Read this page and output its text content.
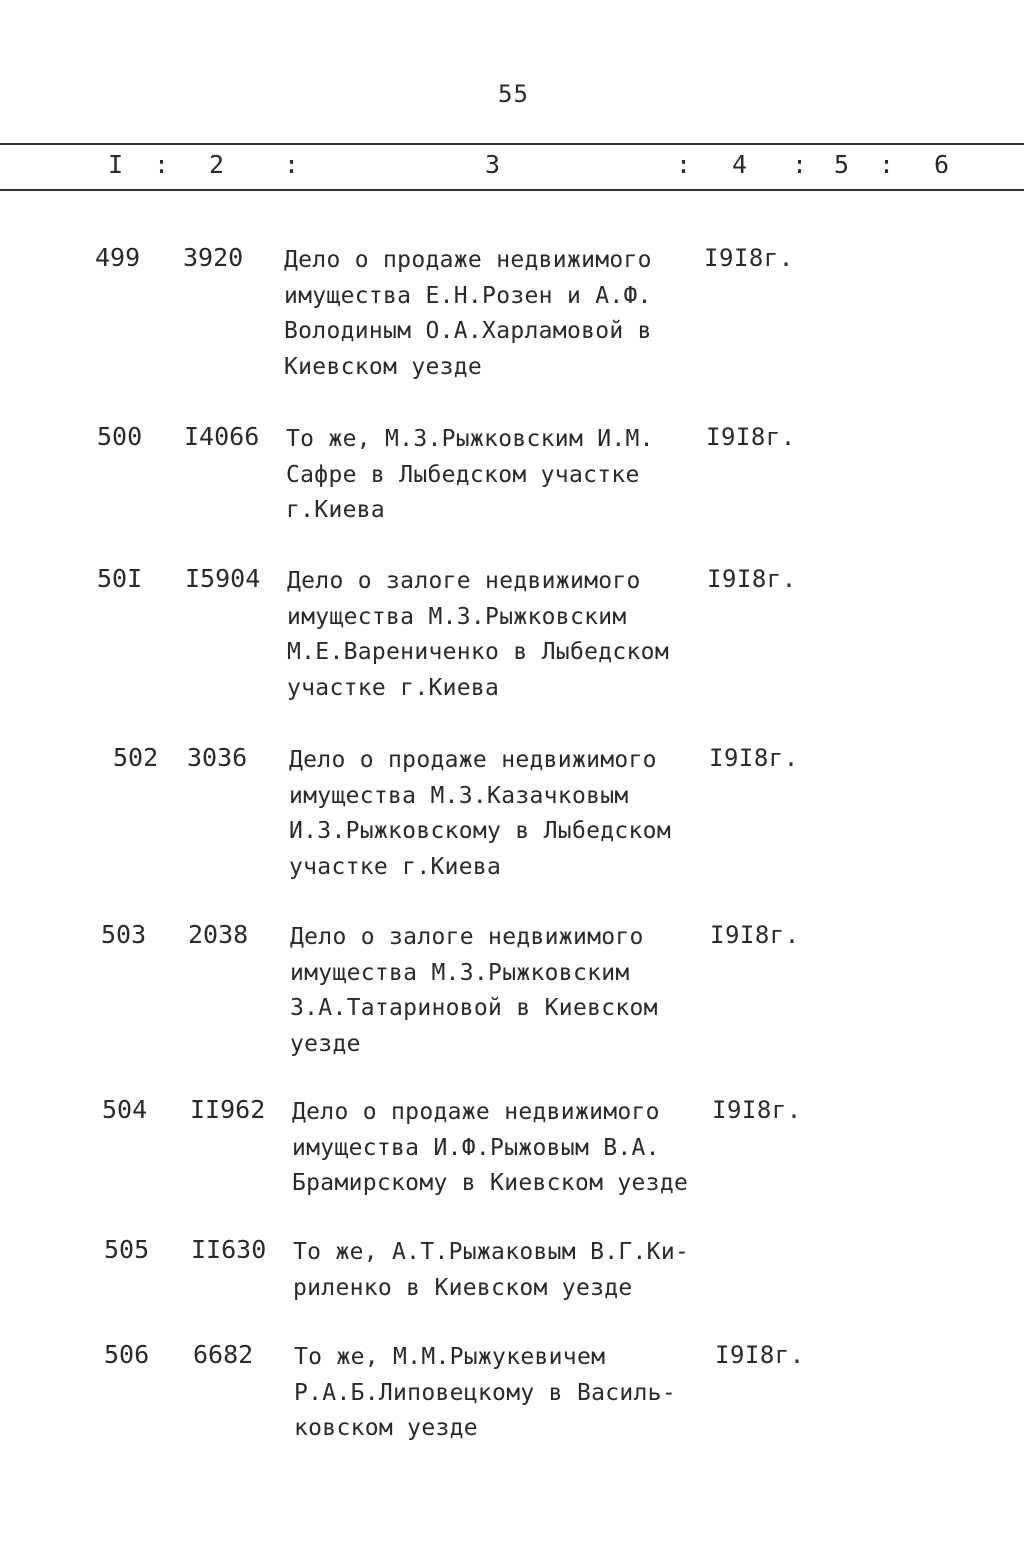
55
I : 2 :	3	: 4 : 5 : 6
499 3920 Дело о продаже недвижимого
имущества Е.Н.Розен и А.Ф.
Володиным О.А.Харламовой в
Киевском уезде
I9I8г.
500 I4066 То же, М.З.Рыжковским И.М.
Сафре в Лыбедском участке
г.Киева
I9I8г.
50I I5904 Дело о залоге недвижимого
имущества М.З.Рыжковским
М.Е.Варениченко в Лыбедском
участке г.Киева
I9I8г.
502 3036 Дело о продаже недвижимого
имущества М.З.Казачковым
И.З.Рыжковскому в Лыбедском
участке г.Киева
I9I8г.
503 2038 Дело о залоге недвижимого
имущества М.З.Рыжковским
З.А.Татариновой в Киевском
уезде
I9I8г.
504 II962 Дело о продаже недвижимого
имущества И.Ф.Рыжовым В.А.
Брамирскому в Киевском уезде
I9I8г.
505 II630 То же, А.Т.Рыжаковым В.Г.Ки-
риленко в Киевском уезде
506 6682 То же, М.М.Рыжукевичем
Р.А.Б.Липовецкому в Василь-
ковском уезде
I9I8г.
